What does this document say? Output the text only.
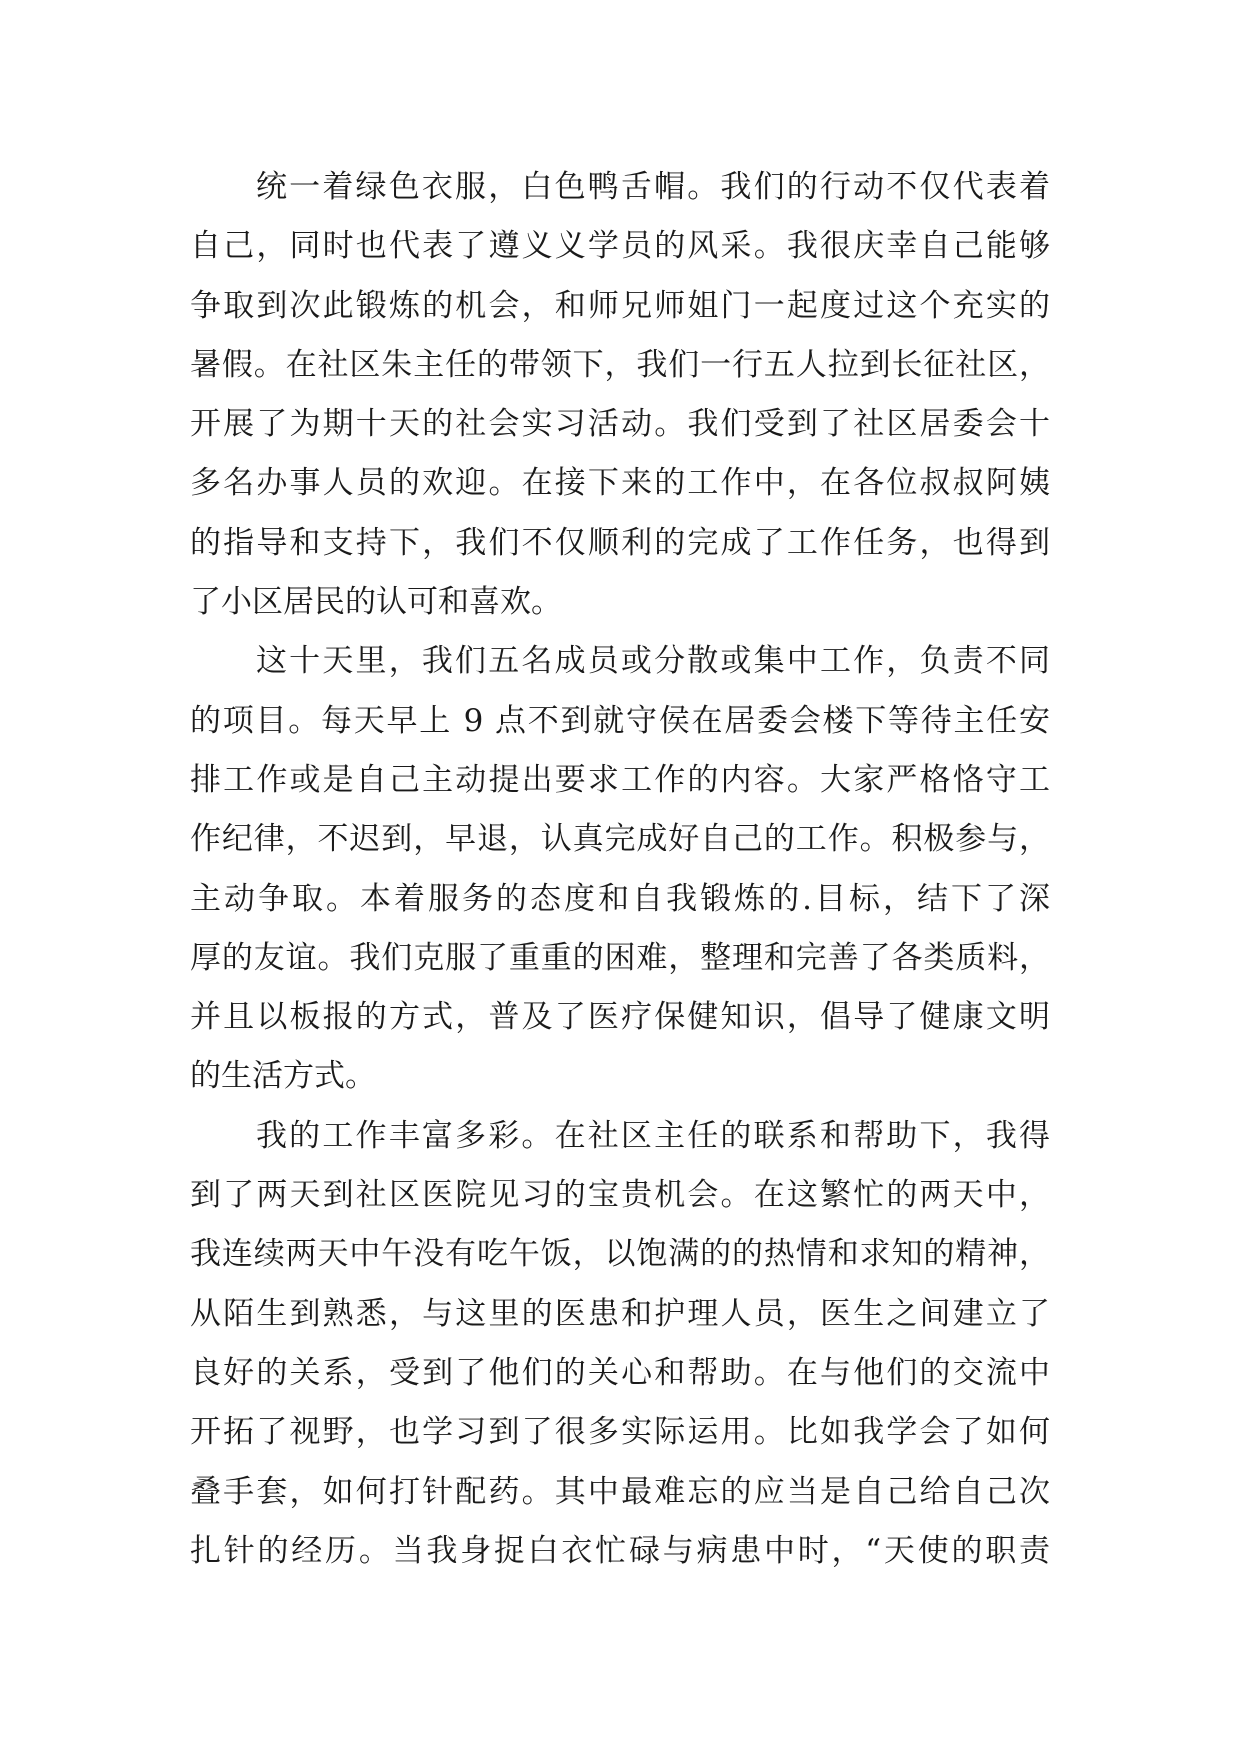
统一着绿色衣服，白色鸭舌帽。我们的行动不仅代表着
自己，同时也代表了遵义义学员的风采。我很庆幸自己能够
争取到次此锻炼的机会，和师兄师姐门一起度过这个充实的
暑假。在社区朱主任的带领下，我们一行五人拉到长征社区，
开展了为期十天的社会实习活动。我们受到了社区居委会十
多名办事人员的欢迎。在接下来的工作中，在各位叔叔阿姨
的指导和支持下，我们不仅顺利的完成了工作任务，也得到
了小区居民的认可和喜欢。
这十天里，我们五名成员或分散或集中工作，负责不同
的项目。每天早上 9 点不到就守侯在居委会楼下等待主任安
排工作或是自己主动提出要求工作的内容。大家严格恪守工
作纪律，不迟到，早退，认真完成好自己的工作。积极参与，
主动争取。本着服务的态度和自我锻炼的.目标，结下了深
厚的友谊。我们克服了重重的困难，整理和完善了各类质料，
并且以板报的方式，普及了医疗保健知识，倡导了健康文明
的生活方式。
我的工作丰富多彩。在社区主任的联系和帮助下，我得
到了两天到社区医院见习的宝贵机会。在这繁忙的两天中，
我连续两天中午没有吃午饭，以饱满的的热情和求知的精神，
从陌生到熟悉，与这里的医患和护理人员，医生之间建立了
良好的关系，受到了他们的关心和帮助。在与他们的交流中
开拓了视野，也学习到了很多实际运用。比如我学会了如何
叠手套，如何打针配药。其中最难忘的应当是自己给自己次
扎针的经历。当我身捉白衣忙碌与病患中时，“天使的职责
